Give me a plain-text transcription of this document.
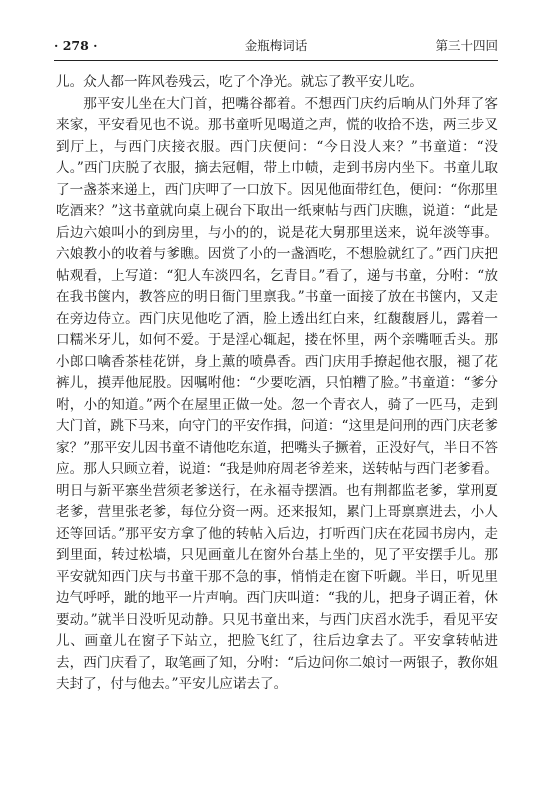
· 278 ·	金瓶梅词话	第三十四回

儿。众人都一阵风卷残云，吃了个净光。就忘了教平安儿吃。

那平安儿坐在大门首，把嘴谷都着。不想西门庆约后晌从门外拜了客来家，平安看见也不说。那书童听见喝道之声，慌的收拾不迭，两三步叉到厅上，与西门庆接衣服。西门庆便问：“今日没人来？”书童道：“没人。”西门庆脱了衣服，摘去冠帽，带上巾帻，走到书房内坐下。书童儿取了一盏茶来递上，西门庆呷了一口放下。因见他面带红色，便问：“你那里吃酒来？”这书童就向桌上砚台下取出一纸柬帖与西门庆瞧，说道：“此是后边六娘叫小的到房里，与小的的，说是花大舅那里送来，说年淡等事。六娘教小的收着与爹瞧。因赏了小的一盏酒吃，不想脸就红了。”西门庆把帖观看，上写道：“犯人车淡四名，乞青目。”看了，递与书童，分咐：“放在我书箧内，教答应的明日衙门里禀我。”书童一面接了放在书箧内，又走在旁边侍立。西门庆见他吃了酒，脸上透出红白来，红馥馥唇儿，露着一口糯米牙儿，如何不爱。于是淫心辄起，搂在怀里，两个亲嘴咂舌头。那小郎口噙香茶桂花饼，身上薰的喷鼻香。西门庆用手撩起他衣服，褪了花裤儿，摸弄他屁股。因嘱咐他：“少要吃酒，只怕糟了脸。”书童道：“爹分咐，小的知道。”两个在屋里正做一处。忽一个青衣人，骑了一匹马，走到大门首，跳下马来，向守门的平安作揖，问道：“这里是问刑的西门庆老爹家？”那平安儿因书童不请他吃东道，把嘴头子撅着，正没好气，半日不答应。那人只顾立着，说道：“我是帅府周老爷差来，送转帖与西门老爹看。明日与新平寨坐营须老爹送行，在永福寺摆酒。也有荆都监老爹，掌刑夏老爹，营里张老爹，每位分资一两。还来报知，累门上哥禀禀进去，小人还等回话。”那平安方拿了他的转帖入后边，打听西门庆在花园书房内，走到里面，转过松墙，只见画童儿在窗外台基上坐的，见了平安摆手儿。那平安就知西门庆与书童干那不急的事，悄悄走在窗下听觑。半日，听见里边气呼呼，跐的地平一片声响。西门庆叫道：“我的儿，把身子调正着，休要动。”就半日没听见动静。只见书童出来，与西门庆舀水洗手，看见平安儿、画童儿在窗子下站立，把脸飞红了，往后边拿去了。平安拿转帖进去，西门庆看了，取笔画了知，分咐：“后边问你二娘讨一两银子，教你姐夫封了，付与他去。”平安儿应诺去了。
